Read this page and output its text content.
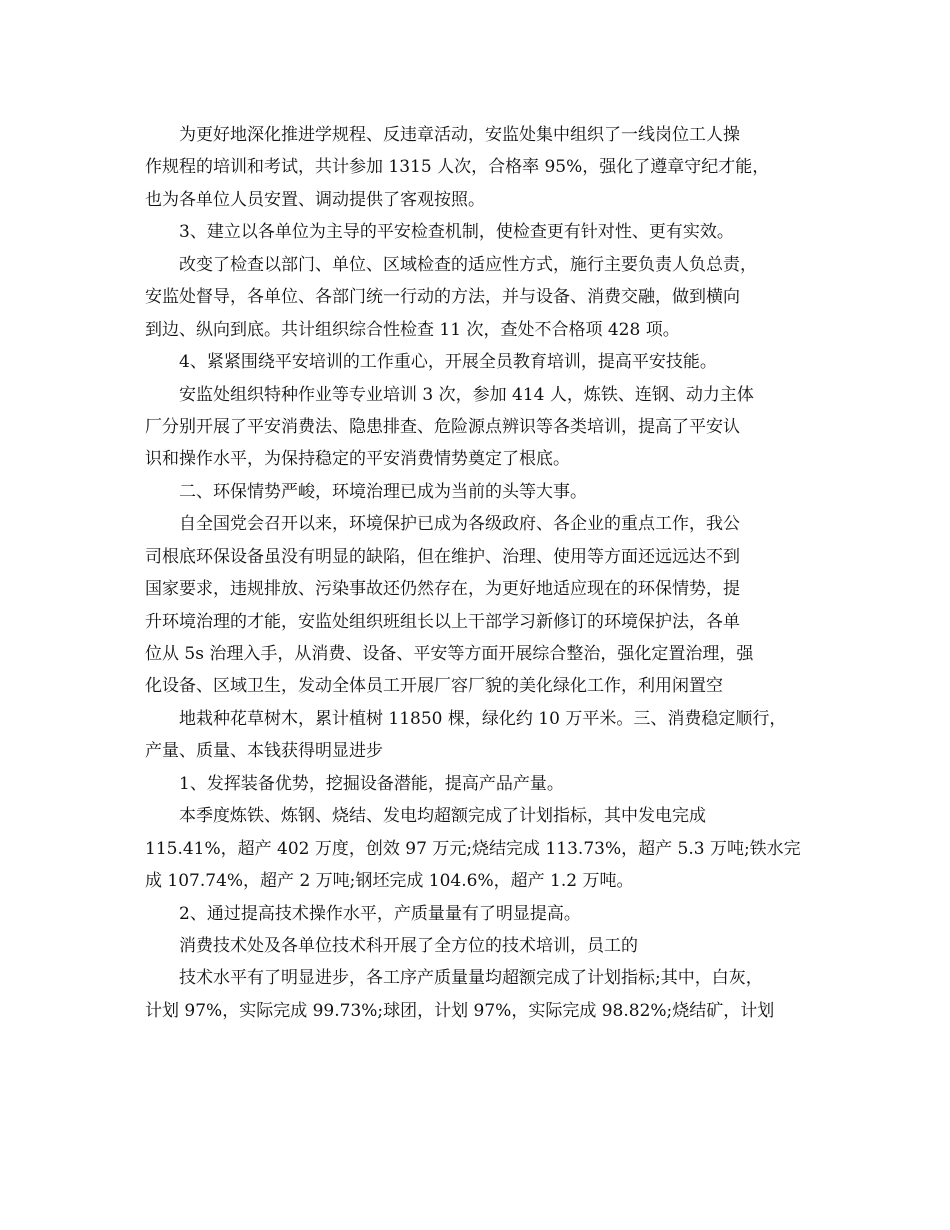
为更好地深化推进学规程、反违章活动，安监处集中组织了一线岗位工人操
作规程的培训和考试，共计参加 1315 人次，合格率 95%，强化了遵章守纪才能，
也为各单位人员安置、调动提供了客观按照。
3、建立以各单位为主导的平安检查机制，使检查更有针对性、更有实效。
改变了检查以部门、单位、区域检查的适应性方式，施行主要负责人负总责，
安监处督导，各单位、各部门统一行动的方法，并与设备、消费交融，做到横向
到边、纵向到底。共计组织综合性检查 11 次，查处不合格项 428 项。
4、紧紧围绕平安培训的工作重心，开展全员教育培训，提高平安技能。
安监处组织特种作业等专业培训 3 次，参加 414 人，炼铁、连钢、动力主体
厂分别开展了平安消费法、隐患排查、危险源点辨识等各类培训，提高了平安认
识和操作水平，为保持稳定的平安消费情势奠定了根底。
二、环保情势严峻，环境治理已成为当前的头等大事。
自全国党会召开以来，环境保护已成为各级政府、各企业的重点工作，我公
司根底环保设备虽没有明显的缺陷，但在维护、治理、使用等方面还远远达不到
国家要求，违规排放、污染事故还仍然存在，为更好地适应现在的环保情势，提
升环境治理的才能，安监处组织班组长以上干部学习新修订的环境保护法，各单
位从 5s 治理入手，从消费、设备、平安等方面开展综合整治，强化定置治理，强
化设备、区域卫生，发动全体员工开展厂容厂貌的美化绿化工作，利用闲置空
地栽种花草树木，累计植树 11850 棵，绿化约 10 万平米。三、消费稳定顺行，
产量、质量、本钱获得明显进步
1、发挥装备优势，挖掘设备潜能，提高产品产量。
本季度炼铁、炼钢、烧结、发电均超额完成了计划指标，其中发电完成
115.41%，超产 402 万度，创效 97 万元;烧结完成 113.73%，超产 5.3 万吨;铁水完
成 107.74%，超产 2 万吨;钢坯完成 104.6%，超产 1.2 万吨。
2、通过提高技术操作水平，产质量量有了明显提高。
消费技术处及各单位技术科开展了全方位的技术培训，员工的
技术水平有了明显进步，各工序产质量量均超额完成了计划指标;其中，白灰，
计划 97%，实际完成 99.73%;球团，计划 97%，实际完成 98.82%;烧结矿，计划
